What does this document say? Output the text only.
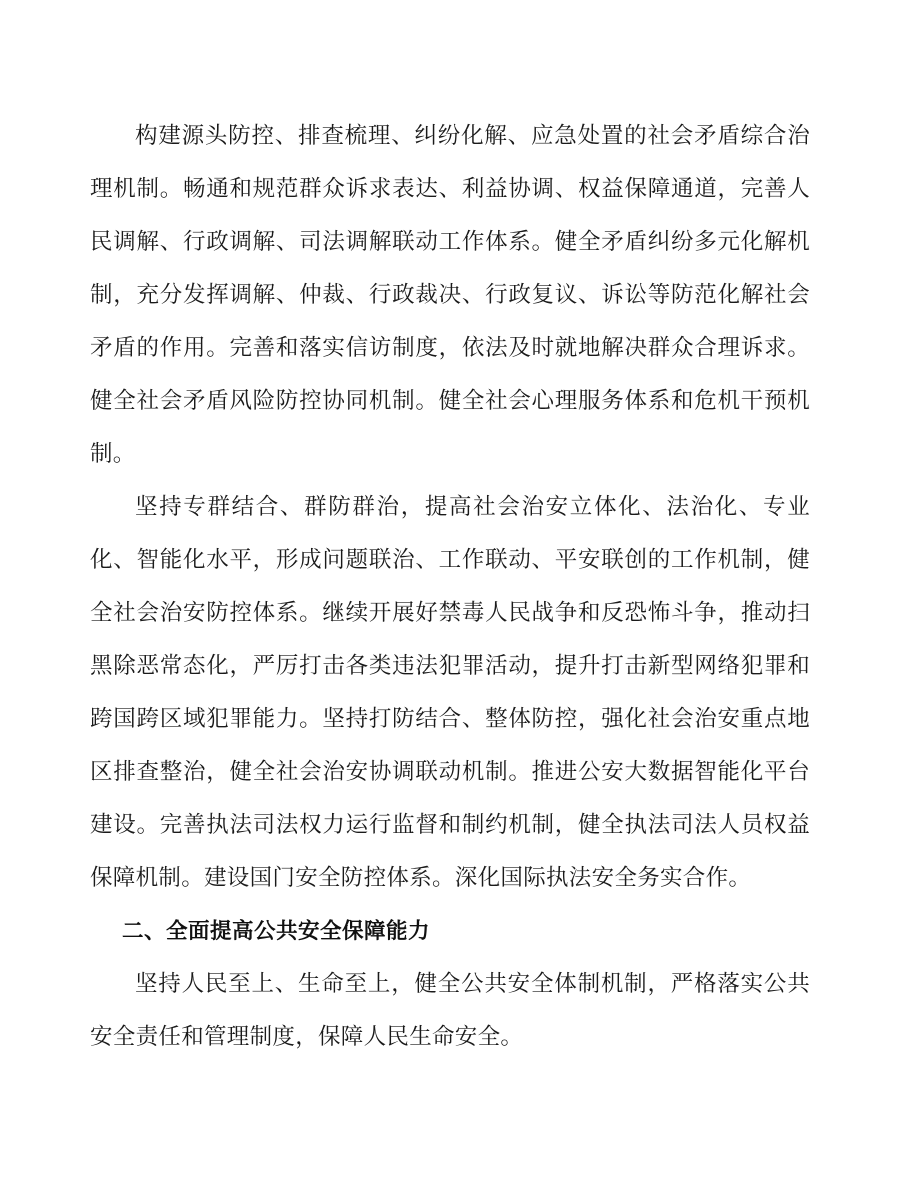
构建源头防控、排查梳理、纠纷化解、应急处置的社会矛盾综合治理机制。畅通和规范群众诉求表达、利益协调、权益保障通道，完善人民调解、行政调解、司法调解联动工作体系。健全矛盾纠纷多元化解机制，充分发挥调解、仲裁、行政裁决、行政复议、诉讼等防范化解社会矛盾的作用。完善和落实信访制度，依法及时就地解决群众合理诉求。健全社会矛盾风险防控协同机制。健全社会心理服务体系和危机干预机制。

坚持专群结合、群防群治，提高社会治安立体化、法治化、专业化、智能化水平，形成问题联治、工作联动、平安联创的工作机制，健全社会治安防控体系。继续开展好禁毒人民战争和反恐怖斗争，推动扫黑除恶常态化，严厉打击各类违法犯罪活动，提升打击新型网络犯罪和跨国跨区域犯罪能力。坚持打防结合、整体防控，强化社会治安重点地区排查整治，健全社会治安协调联动机制。推进公安大数据智能化平台建设。完善执法司法权力运行监督和制约机制，健全执法司法人员权益保障机制。建设国门安全防控体系。深化国际执法安全务实合作。

二、全面提高公共安全保障能力

坚持人民至上、生命至上，健全公共安全体制机制，严格落实公共安全责任和管理制度，保障人民生命安全。
